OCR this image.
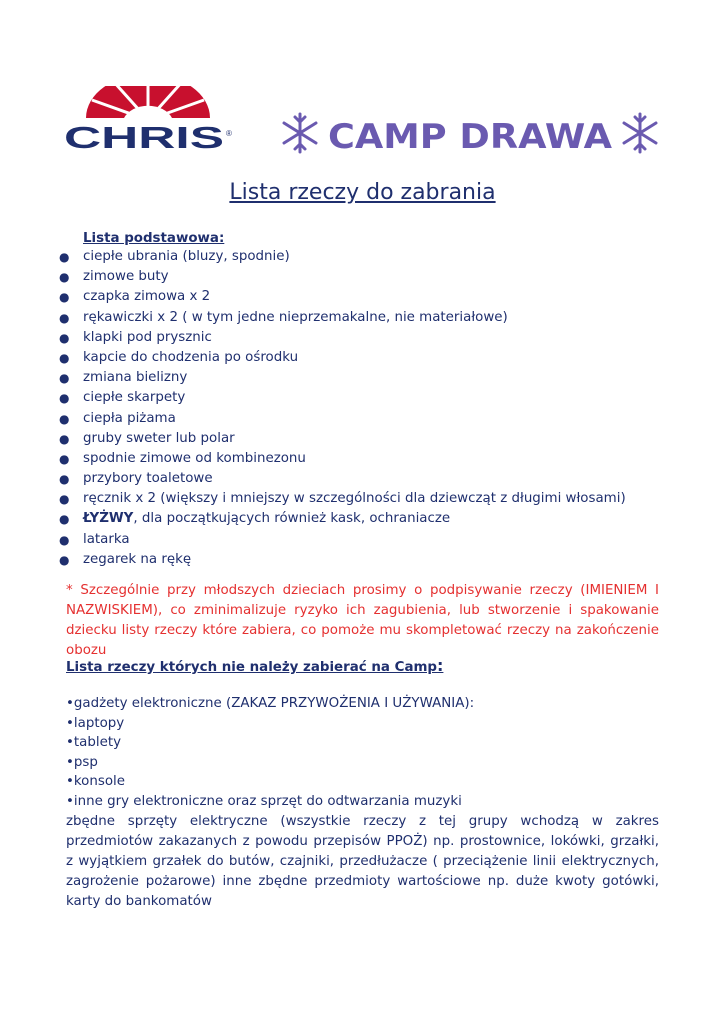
CHRIS ®	CAMP DRAWA
Lista rzeczy do zabrania
Lista podstawowa:
● ciepłe ubrania (bluzy, spodnie)
● zimowe buty
● czapka zimowa x 2
● rękawiczki x 2 ( w tym jedne nieprzemakalne, nie materiałowe)
● klapki pod prysznic
● kapcie do chodzenia po ośrodku
● zmiana bielizny
● ciepłe skarpety
● ciepła piżama
● gruby sweter lub polar
● spodnie zimowe od kombinezonu
● przybory toaletowe
● ręcznik x 2 (większy i mniejszy w szczególności dla dziewcząt z długimi włosami)
● ŁYŻWY, dla początkujących również kask, ochraniacze
● latarka
● zegarek na rękę
* Szczególnie przy młodszych dzieciach prosimy o podpisywanie rzeczy (IMIENIEM I NAZWISKIEM), co zminimalizuje ryzyko ich zagubienia, lub stworzenie i spakowanie dziecku listy rzeczy które zabiera, co pomoże mu skompletować rzeczy na zakończenie obozu
Lista rzeczy których nie należy zabierać na Camp:
•gadżety elektroniczne (ZAKAZ PRZYWOŻENIA I UŻYWANIA):
•laptopy
•tablety
•psp
•konsole
•inne gry elektroniczne oraz sprzęt do odtwarzania muzyki
zbędne sprzęty elektryczne (wszystkie rzeczy z tej grupy wchodzą w zakres przedmiotów zakazanych z powodu przepisów PPOŻ) np. prostownice, lokówki, grzałki, z wyjątkiem grzałek do butów, czajniki, przedłużacze ( przeciążenie linii elektrycznych, zagrożenie pożarowe) inne zbędne przedmioty wartościowe np. duże kwoty gotówki, karty do bankomatów
